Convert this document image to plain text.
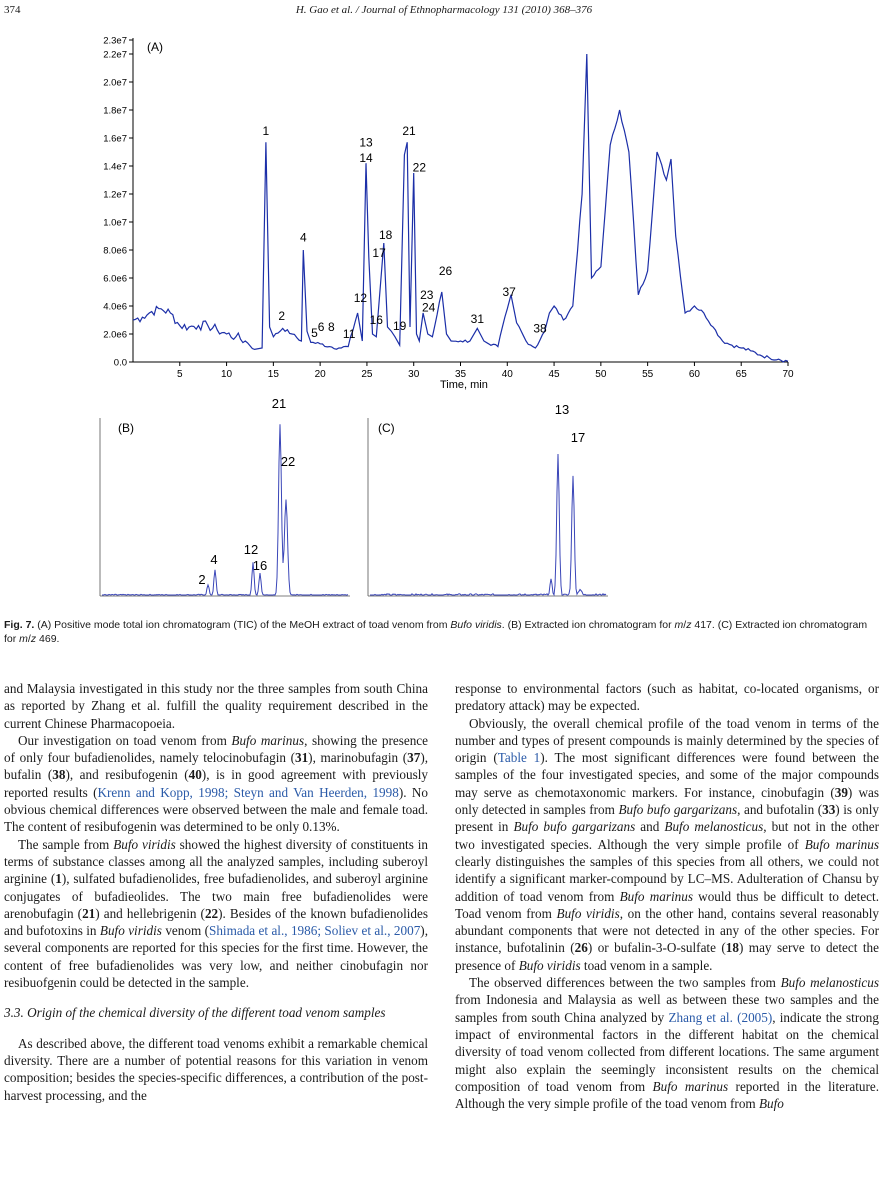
374	H. Gao et al. / Journal of Ethnopharmacology 131 (2010) 368–376
(A)
0.0
2.0e6
4.0e6
6.0e6
8.0e6
1.0e7
1.2e7
1.4e7
1.6e7
1.8e7
2.0e7
2.2e7
2.3e7
5	10	15	20	25	30	35	40	45	50	55	60	65	70
Time, min
1
2
4
5 6 8 11
12
13
14
16
17
18
19
21
22
23
24
26
31
37
38
(B)
2
4
12
16
21
22
(C)
13
17
Fig. 7. (A) Positive mode total ion chromatogram (TIC) of the MeOH extract of toad venom from Bufo viridis. (B) Extracted ion chromatogram for m/z 417. (C) Extracted ion chromatogram for m/z 469.

and Malaysia investigated in this study nor the three samples from south China as reported by Zhang et al. fulfill the quality requirement described in the current Chinese Pharmacopoeia.

Our investigation on toad venom from Bufo marinus, showing the presence of only four bufadienolides, namely telocinobufagin (31), marinobufagin (37), bufalin (38), and resibufogenin (40), is in good agreement with previously reported results (Krenn and Kopp, 1998; Steyn and Van Heerden, 1998). No obvious chemical differences were observed between the male and female toad. The content of resibufogenin was determined to be only 0.13%.

The sample from Bufo viridis showed the highest diversity of constituents in terms of substance classes among all the analyzed samples, including suberoyl arginine (1), sulfated bufadienolides, free bufadienolides, and suberoyl arginine conjugates of bufadieolides. The two main free bufadienolides were arenobufagin (21) and hellebrigenin (22). Besides of the known bufadienolides and bufotoxins in Bufo viridis venom (Shimada et al., 1986; Soliev et al., 2007), several components are reported for this species for the first time. However, the content of free bufadienolides was very low, and neither cinobufagin nor resibuofgenin could be detected in the sample.

3.3. Origin of the chemical diversity of the different toad venom samples

As described above, the different toad venoms exhibit a remarkable chemical diversity. There are a number of potential reasons for this variation in venom composition; besides the species-specific differences, a contribution of the post-harvest processing, and the

response to environmental factors (such as habitat, co-located organisms, or predatory attack) may be expected.

Obviously, the overall chemical profile of the toad venom in terms of the number and types of present compounds is mainly determined by the species of origin (Table 1). The most significant differences were found between the samples of the four investigated species, and some of the major compounds may serve as chemotaxonomic markers. For instance, cinobufagin (39) was only detected in samples from Bufo bufo gargarizans, and bufotalin (33) is only present in Bufo bufo gargarizans and Bufo melanosticus, but not in the other two investigated species. Although the very simple profile of Bufo marinus clearly distinguishes the samples of this species from all others, we could not identify a significant marker-compound by LC–MS. Adulteration of Chansu by addition of toad venom from Bufo marinus would thus be difficult to detect. Toad venom from Bufo viridis, on the other hand, contains several reasonably abundant components that were not detected in any of the other species. For instance, bufotalinin (26) or bufalin-3-O-sulfate (18) may serve to detect the presence of Bufo viridis toad venom in a sample.

The observed differences between the two samples from Bufo melanosticus from Indonesia and Malaysia as well as between these two samples and the samples from south China analyzed by Zhang et al. (2005), indicate the strong impact of environmental factors in the different habitat on the chemical diversity of toad venom collected from different locations. The same argument might also explain the seemingly inconsistent results on the chemical composition of toad venom from Bufo marinus reported in the literature. Although the very simple profile of the toad venom from Bufo
